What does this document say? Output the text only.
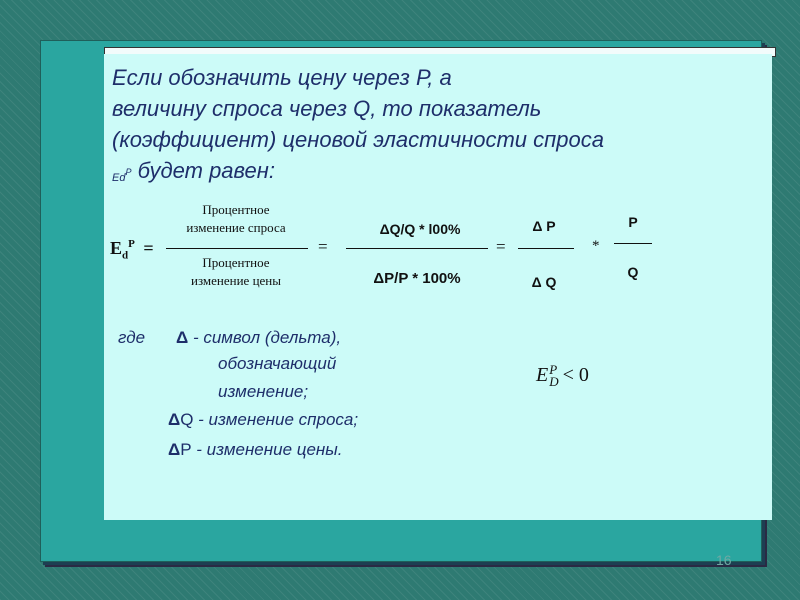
Если обозначить цену через Р, а
величину спроса через Q, то показатель
(коэффициент) ценовой эластичности спроса
$Ed^P$ будет равен:
$E_d^P$ =
Процентное
изменение спроса
Процентное
изменение цены
=
ΔQ/Q * l00%
ΔP/P * 100%
=
Δ P
Δ Q
*
P
Q
где Δ - символ (дельта),
обозначающий
изменение;
ΔQ - изменение спроса;
ΔP - изменение цены.
E P
D < 0
16
